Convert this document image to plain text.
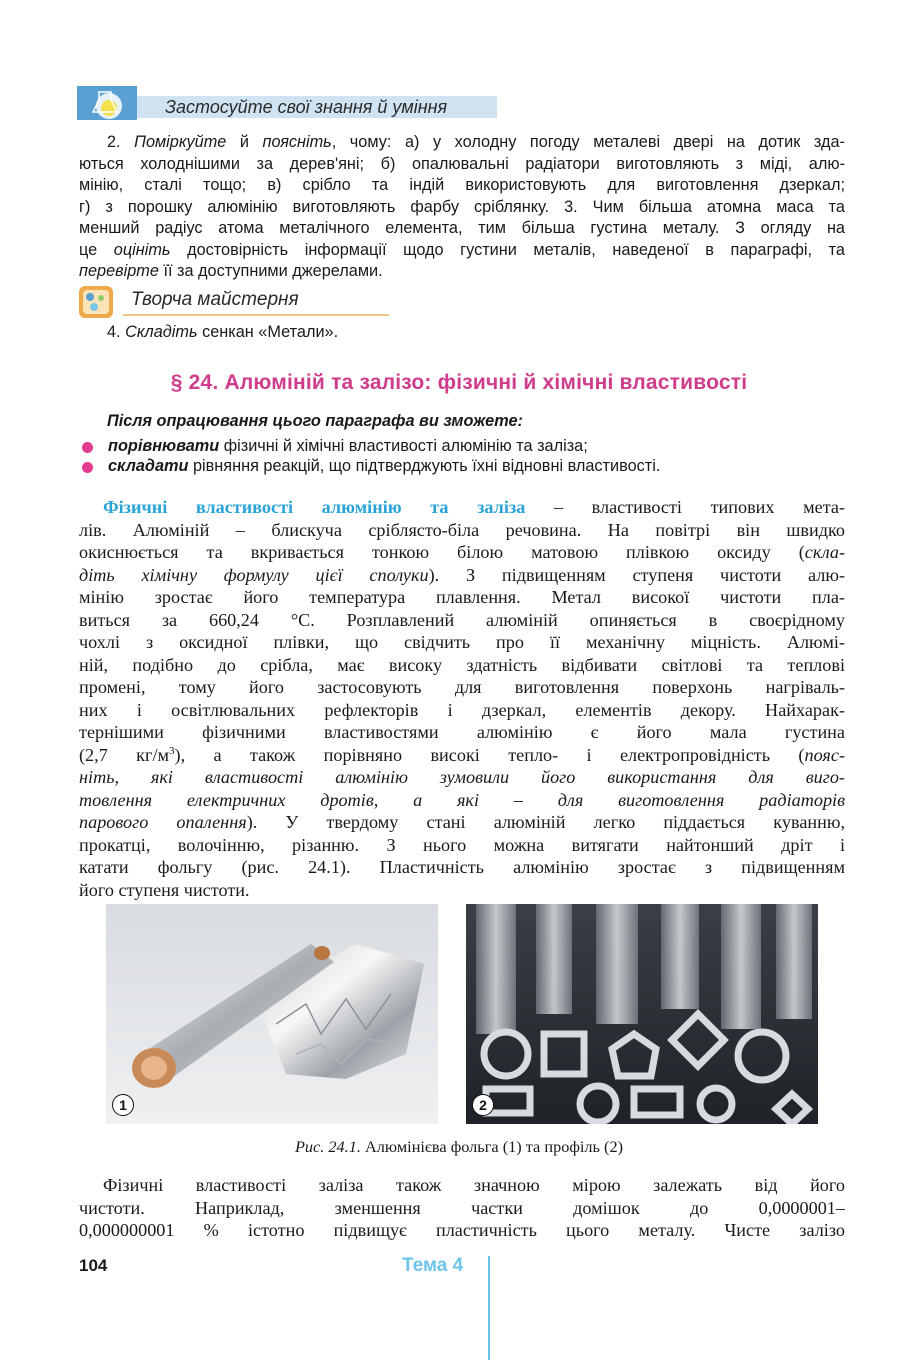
Застосуйте свої знання й уміння
2. Поміркуйте й поясніть, чому: а) у холодну погоду металеві двері на дотик зда-
ються холоднішими за дерев'яні; б) опалювальні радіатори виготовляють з міді, алю-
мінію, сталі тощо; в) срібло та індій використовують для виготовлення дзеркал;
г) з порошку алюмінію виготовляють фарбу сріблянку. 3. Чим більша атомна маса та
менший радіус атома металічного елемента, тим більша густина металу. З огляду на
це оцініть достовірність інформації щодо густини металів, наведеної в параграфі, та
перевірте її за доступними джерелами.
Творча майстерня
4. Складіть сенкан «Метали».
§ 24. Алюміній та залізо: фізичні й хімічні властивості
Після опрацювання цього параграфа ви зможете:
порівнювати фізичні й хімічні властивості алюмінію та заліза;
складати рівняння реакцій, що підтверджують їхні відновні властивості.
Фізичні властивості алюмінію та заліза – властивості типових мета-
лів. Алюміній – блискуча сріблясто-біла речовина. На повітрі він швидко
окиснюється та вкривається тонкою білою матовою плівкою оксиду (скла-
діть хімічну формулу цієї сполуки). З підвищенням ступеня чистоти алю-
мінію зростає його температура плавлення. Метал високої чистоти пла-
виться за 660,24 °С. Розплавлений алюміній опиняється в своєрідному
чохлі з оксидної плівки, що свідчить про її механічну міцність. Алюмі-
ній, подібно до срібла, має високу здатність відбивати світлові та теплові
промені, тому його застосовують для виготовлення поверхонь нагріваль-
них і освітлювальних рефлекторів і дзеркал, елементів декору. Найхарак-
тернішими фізичними властивостями алюмінію є його мала густина
(2,7 $кг/м^3$), а також порівняно високі тепло- і електропровідність (пояс-
ніть, які властивості алюмінію зумовили його використання для виго-
товлення електричних дротів, а які – для виготовлення радіаторів
парового опалення). У твердому стані алюміній легко піддається куванню,
прокатці, волочінню, різанню. З нього можна витягати найтонший дріт і
катати фольгу (рис. 24.1). Пластичність алюмінію зростає з підвищенням
його ступеня чистоти.
1	2
Рис. 24.1. Алюмінієва фольга (1) та профіль (2)
Фізичні властивості заліза також значною мірою залежать від його
чистоти. Наприклад, зменшення частки домішок до 0,0000001–
0,000000001 % істотно підвищує пластичність цього металу. Чисте залізо
104	Тема 4
